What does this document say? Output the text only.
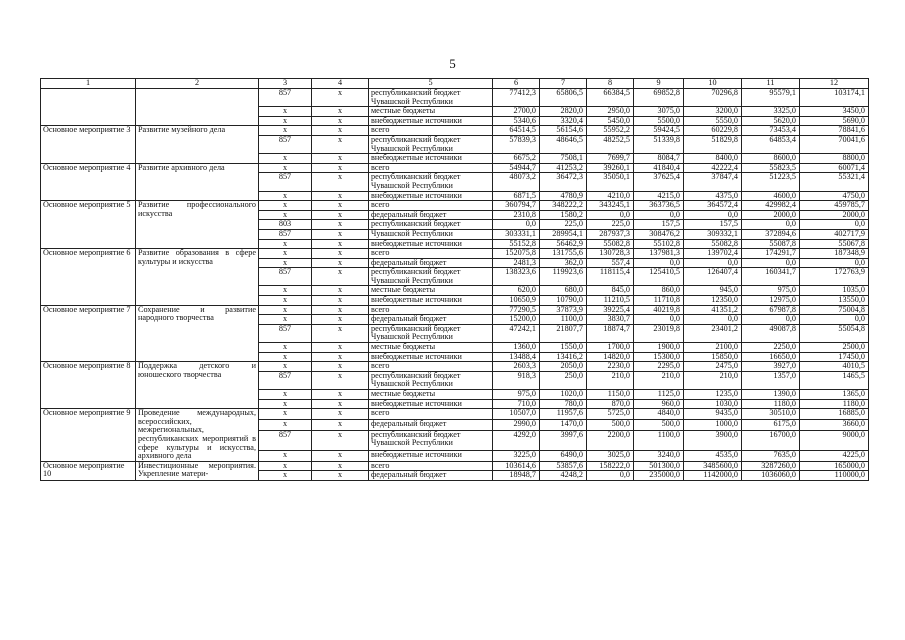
5
1	2	3	4	5	6	7	8	9	10	11	12
		857	x	республиканский бюджет Чувашской Республики	77412,3	65806,5	66384,5	69852,8	70296,8	95579,1	103174,1
		x	x	местные бюджеты	2700,0	2820,0	2950,0	3075,0	3200,0	3325,0	3450,0
		x	x	внебюджетные источники	5340,6	3320,4	5450,0	5500,0	5550,0	5620,0	5690,0
Основное мероприятие 3	Развитие музейного дела	x	x	всего	64514,5	56154,6	55952,2	59424,5	60229,8	73453,4	78841,6
		857	x	республиканский бюджет Чувашской Республики	57839,3	48646,5	48252,5	51339,8	51829,8	64853,4	70041,6
		x	x	внебюджетные источники	6675,2	7508,1	7699,7	8084,7	8400,0	8600,0	8800,0
Основное мероприятие 4	Развитие архивного дела	x	x	всего	54944,7	41253,2	39260,1	41840,4	42222,4	55823,5	60071,4
		857	x	республиканский бюджет Чувашской Республики	48073,2	36472,3	35050,1	37625,4	37847,4	51223,5	55321,4
		x	x	внебюджетные источники	6871,5	4780,9	4210,0	4215,0	4375,0	4600,0	4750,0
Основное мероприятие 5	Развитие профессионального искусства	x	x	всего	360794,7	348222,2	343245,1	363736,5	364572,4	429982,4	459785,7
		x	x	федеральный бюджет	2310,8	1580,2	0,0	0,0	0,0	2000,0	2000,0
		803	x	республиканский бюджет	0,0	225,0	225,0	157,5	157,5	0,0	0,0
		857	x	Чувашской Республики	303331,1	289954,1	287937,3	308476,2	309332,1	372894,6	402717,9
		x	x	внебюджетные источники	55152,8	56462,9	55082,8	55102,8	55082,8	55087,8	55067,8
Основное мероприятие 6	Развитие образования в сфере культуры и искусства	x	x	всего	152075,8	131755,6	130728,3	137981,3	139702,4	174291,7	187348,9
		x	x	федеральный бюджет	2481,3	362,0	557,4	0,0	0,0	0,0	0,0
		857	x	республиканский бюджет Чувашской Республики	138323,6	119923,6	118115,4	125410,5	126407,4	160341,7	172763,9
		x	x	местные бюджеты	620,0	680,0	845,0	860,0	945,0	975,0	1035,0
		x	x	внебюджетные источники	10650,9	10790,0	11210,5	11710,8	12350,0	12975,0	13550,0
Основное мероприятие 7	Сохранение и развитие народного творчества	x	x	всего	77290,5	37873,9	39225,4	40219,8	41351,2	67987,8	75004,8
		x	x	федеральный бюджет	15200,0	1100,0	3830,7	0,0	0,0	0,0	0,0
		857	x	республиканский бюджет Чувашской Республики	47242,1	21807,7	18874,7	23019,8	23401,2	49087,8	55054,8
		x	x	местные бюджеты	1360,0	1550,0	1700,0	1900,0	2100,0	2250,0	2500,0
		x	x	внебюджетные источники	13488,4	13416,2	14820,0	15300,0	15850,0	16650,0	17450,0
Основное мероприятие 8	Поддержка детского и юношеского творчества	x	x	всего	2603,3	2050,0	2230,0	2295,0	2475,0	3927,0	4010,5
		857	x	республиканский бюджет Чувашской Республики	918,3	250,0	210,0	210,0	210,0	1357,0	1465,5
		x	x	местные бюджеты	975,0	1020,0	1150,0	1125,0	1235,0	1390,0	1365,0
		x	x	внебюджетные источники	710,0	780,0	870,0	960,0	1030,0	1180,0	1180,0
Основное мероприятие 9	Проведение международных, всероссийских, межрегиональных, республиканских мероприятий в сфере культуры и искусства, архивного дела	x	x	всего	10507,0	11957,6	5725,0	4840,0	9435,0	30510,0	16885,0
		x	x	федеральный бюджет	2990,0	1470,0	500,0	500,0	1000,0	6175,0	3660,0
		857	x	республиканский бюджет Чувашской Республики	4292,0	3997,6	2200,0	1100,0	3900,0	16700,0	9000,0
		x	x	внебюджетные источники	3225,0	6490,0	3025,0	3240,0	4535,0	7635,0	4225,0
Основное мероприятие 10	Инвестиционные мероприятия. Укрепление матери-	x	x	всего	103614,6	53857,6	158222,0	501300,0	3485600,0	3287260,0	165000,0
		x	x	федеральный бюджет	18948,7	4248,2	0,0	235000,0	1142000,0	1036060,0	110000,0
